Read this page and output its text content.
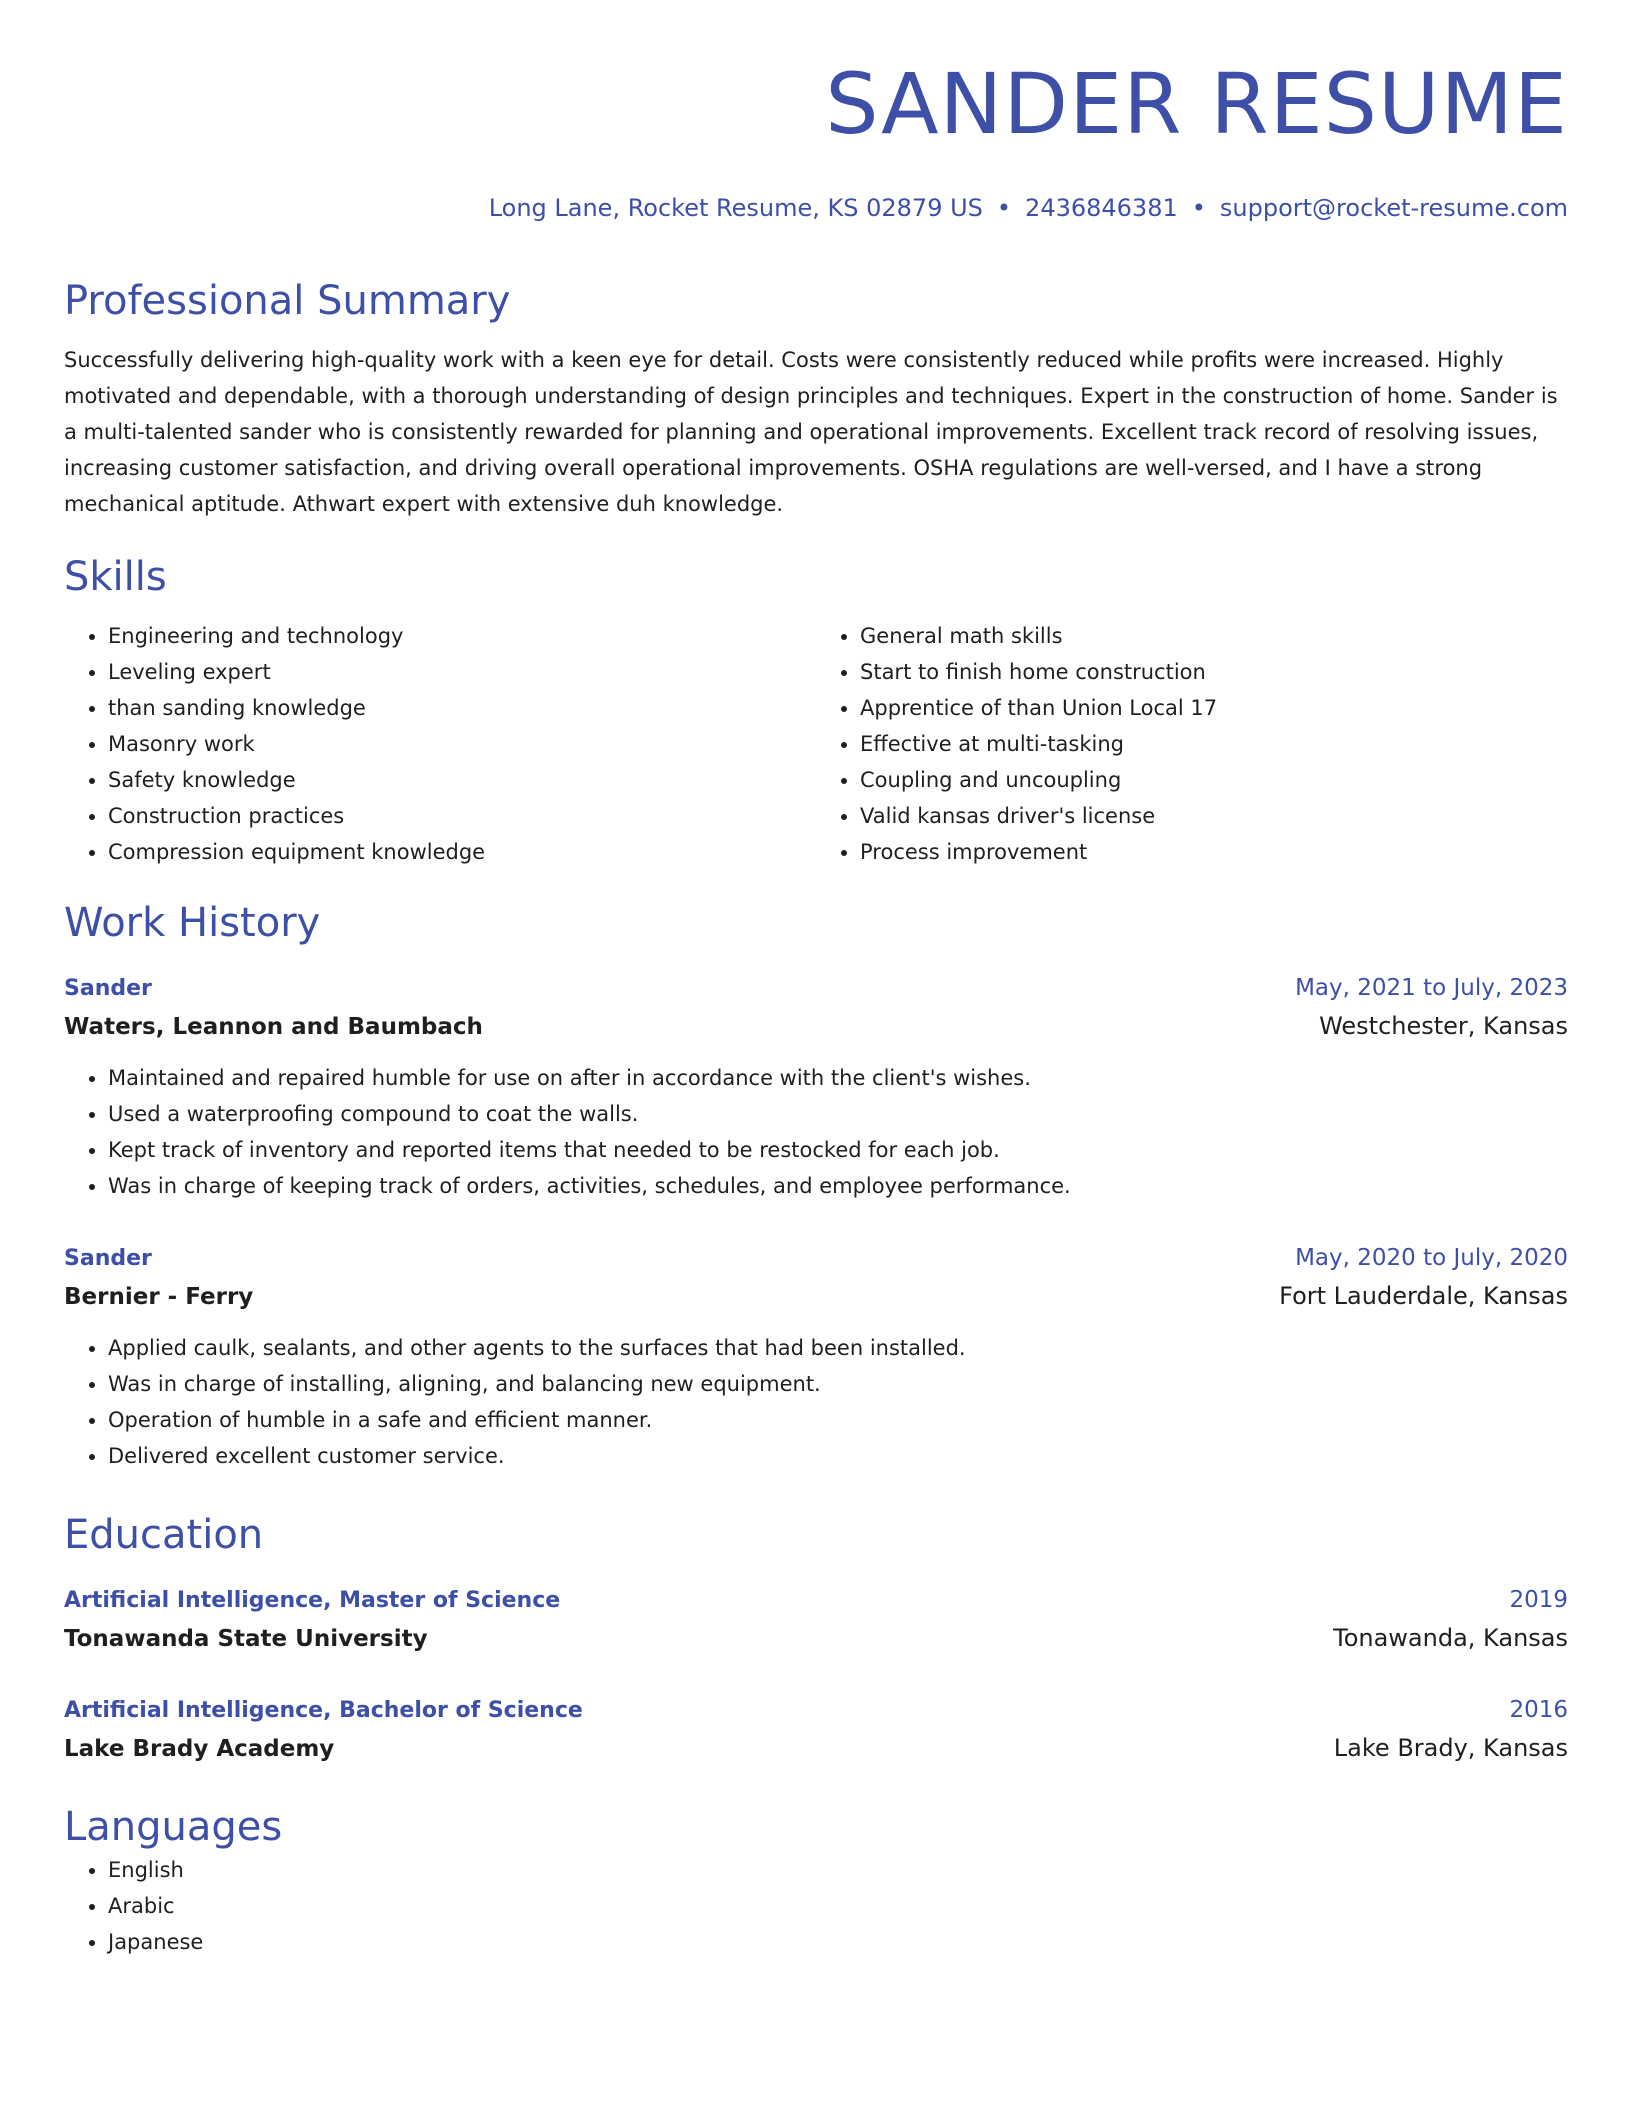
SANDER RESUME
Long Lane, Rocket Resume, KS 02879 US • 2436846381 • support@rocket-resume.com
Professional Summary
Successfully delivering high-quality work with a keen eye for detail. Costs were consistently reduced while profits were increased. Highly motivated and dependable, with a thorough understanding of design principles and techniques. Expert in the construction of home. Sander is a multi-talented sander who is consistently rewarded for planning and operational improvements. Excellent track record of resolving issues, increasing customer satisfaction, and driving overall operational improvements. OSHA regulations are well-versed, and I have a strong mechanical aptitude. Athwart expert with extensive duh knowledge.
Skills
• Engineering and technology
• Leveling expert
• than sanding knowledge
• Masonry work
• Safety knowledge
• Construction practices
• Compression equipment knowledge
• General math skills
• Start to finish home construction
• Apprentice of than Union Local 17
• Effective at multi-tasking
• Coupling and uncoupling
• Valid kansas driver's license
• Process improvement
Work History
Sander	May, 2021 to July, 2023
Waters, Leannon and Baumbach	Westchester, Kansas
• Maintained and repaired humble for use on after in accordance with the client's wishes.
• Used a waterproofing compound to coat the walls.
• Kept track of inventory and reported items that needed to be restocked for each job.
• Was in charge of keeping track of orders, activities, schedules, and employee performance.
Sander	May, 2020 to July, 2020
Bernier - Ferry	Fort Lauderdale, Kansas
• Applied caulk, sealants, and other agents to the surfaces that had been installed.
• Was in charge of installing, aligning, and balancing new equipment.
• Operation of humble in a safe and efficient manner.
• Delivered excellent customer service.
Education
Artificial Intelligence, Master of Science	2019
Tonawanda State University	Tonawanda, Kansas
Artificial Intelligence, Bachelor of Science	2016
Lake Brady Academy	Lake Brady, Kansas
Languages
• English
• Arabic
• Japanese
